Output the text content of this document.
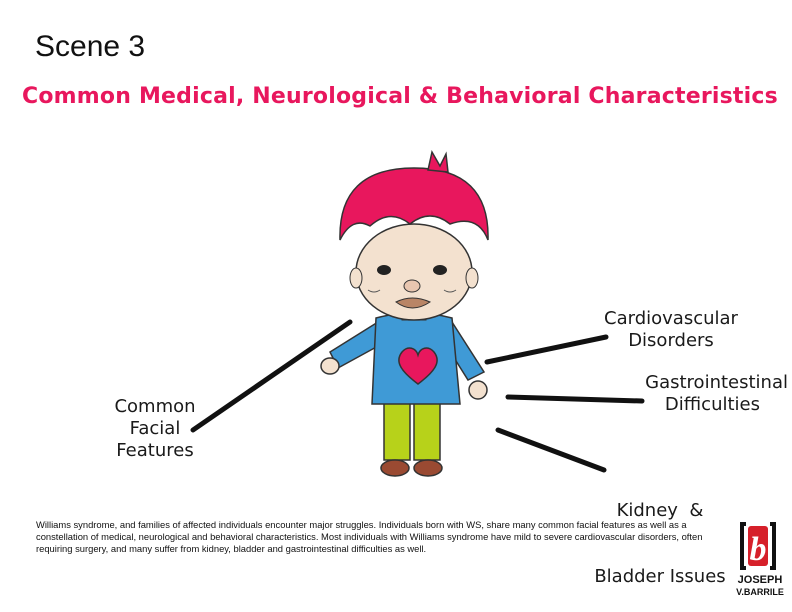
Scene 3
Common Medical, Neurological & Behavioral Characteristics
Common
Facial
Features
Cardiovascular
Disorders
Gastrointestinal
Difficulties

Kidney  &

Bladder Issues

Williams syndrome, and families of affected individuals encounter major struggles. Individuals born with WS, share many common facial features as well as a constellation of medical, neurological and behavioral characteristics. Most individuals with Williams syndrome have mild to severe cardiovascular disorders, often requiring surgery, and many suffer from kidney, bladder and gastrointestinal difficulties as well.	b
JOSEPH
V.BARRILE
